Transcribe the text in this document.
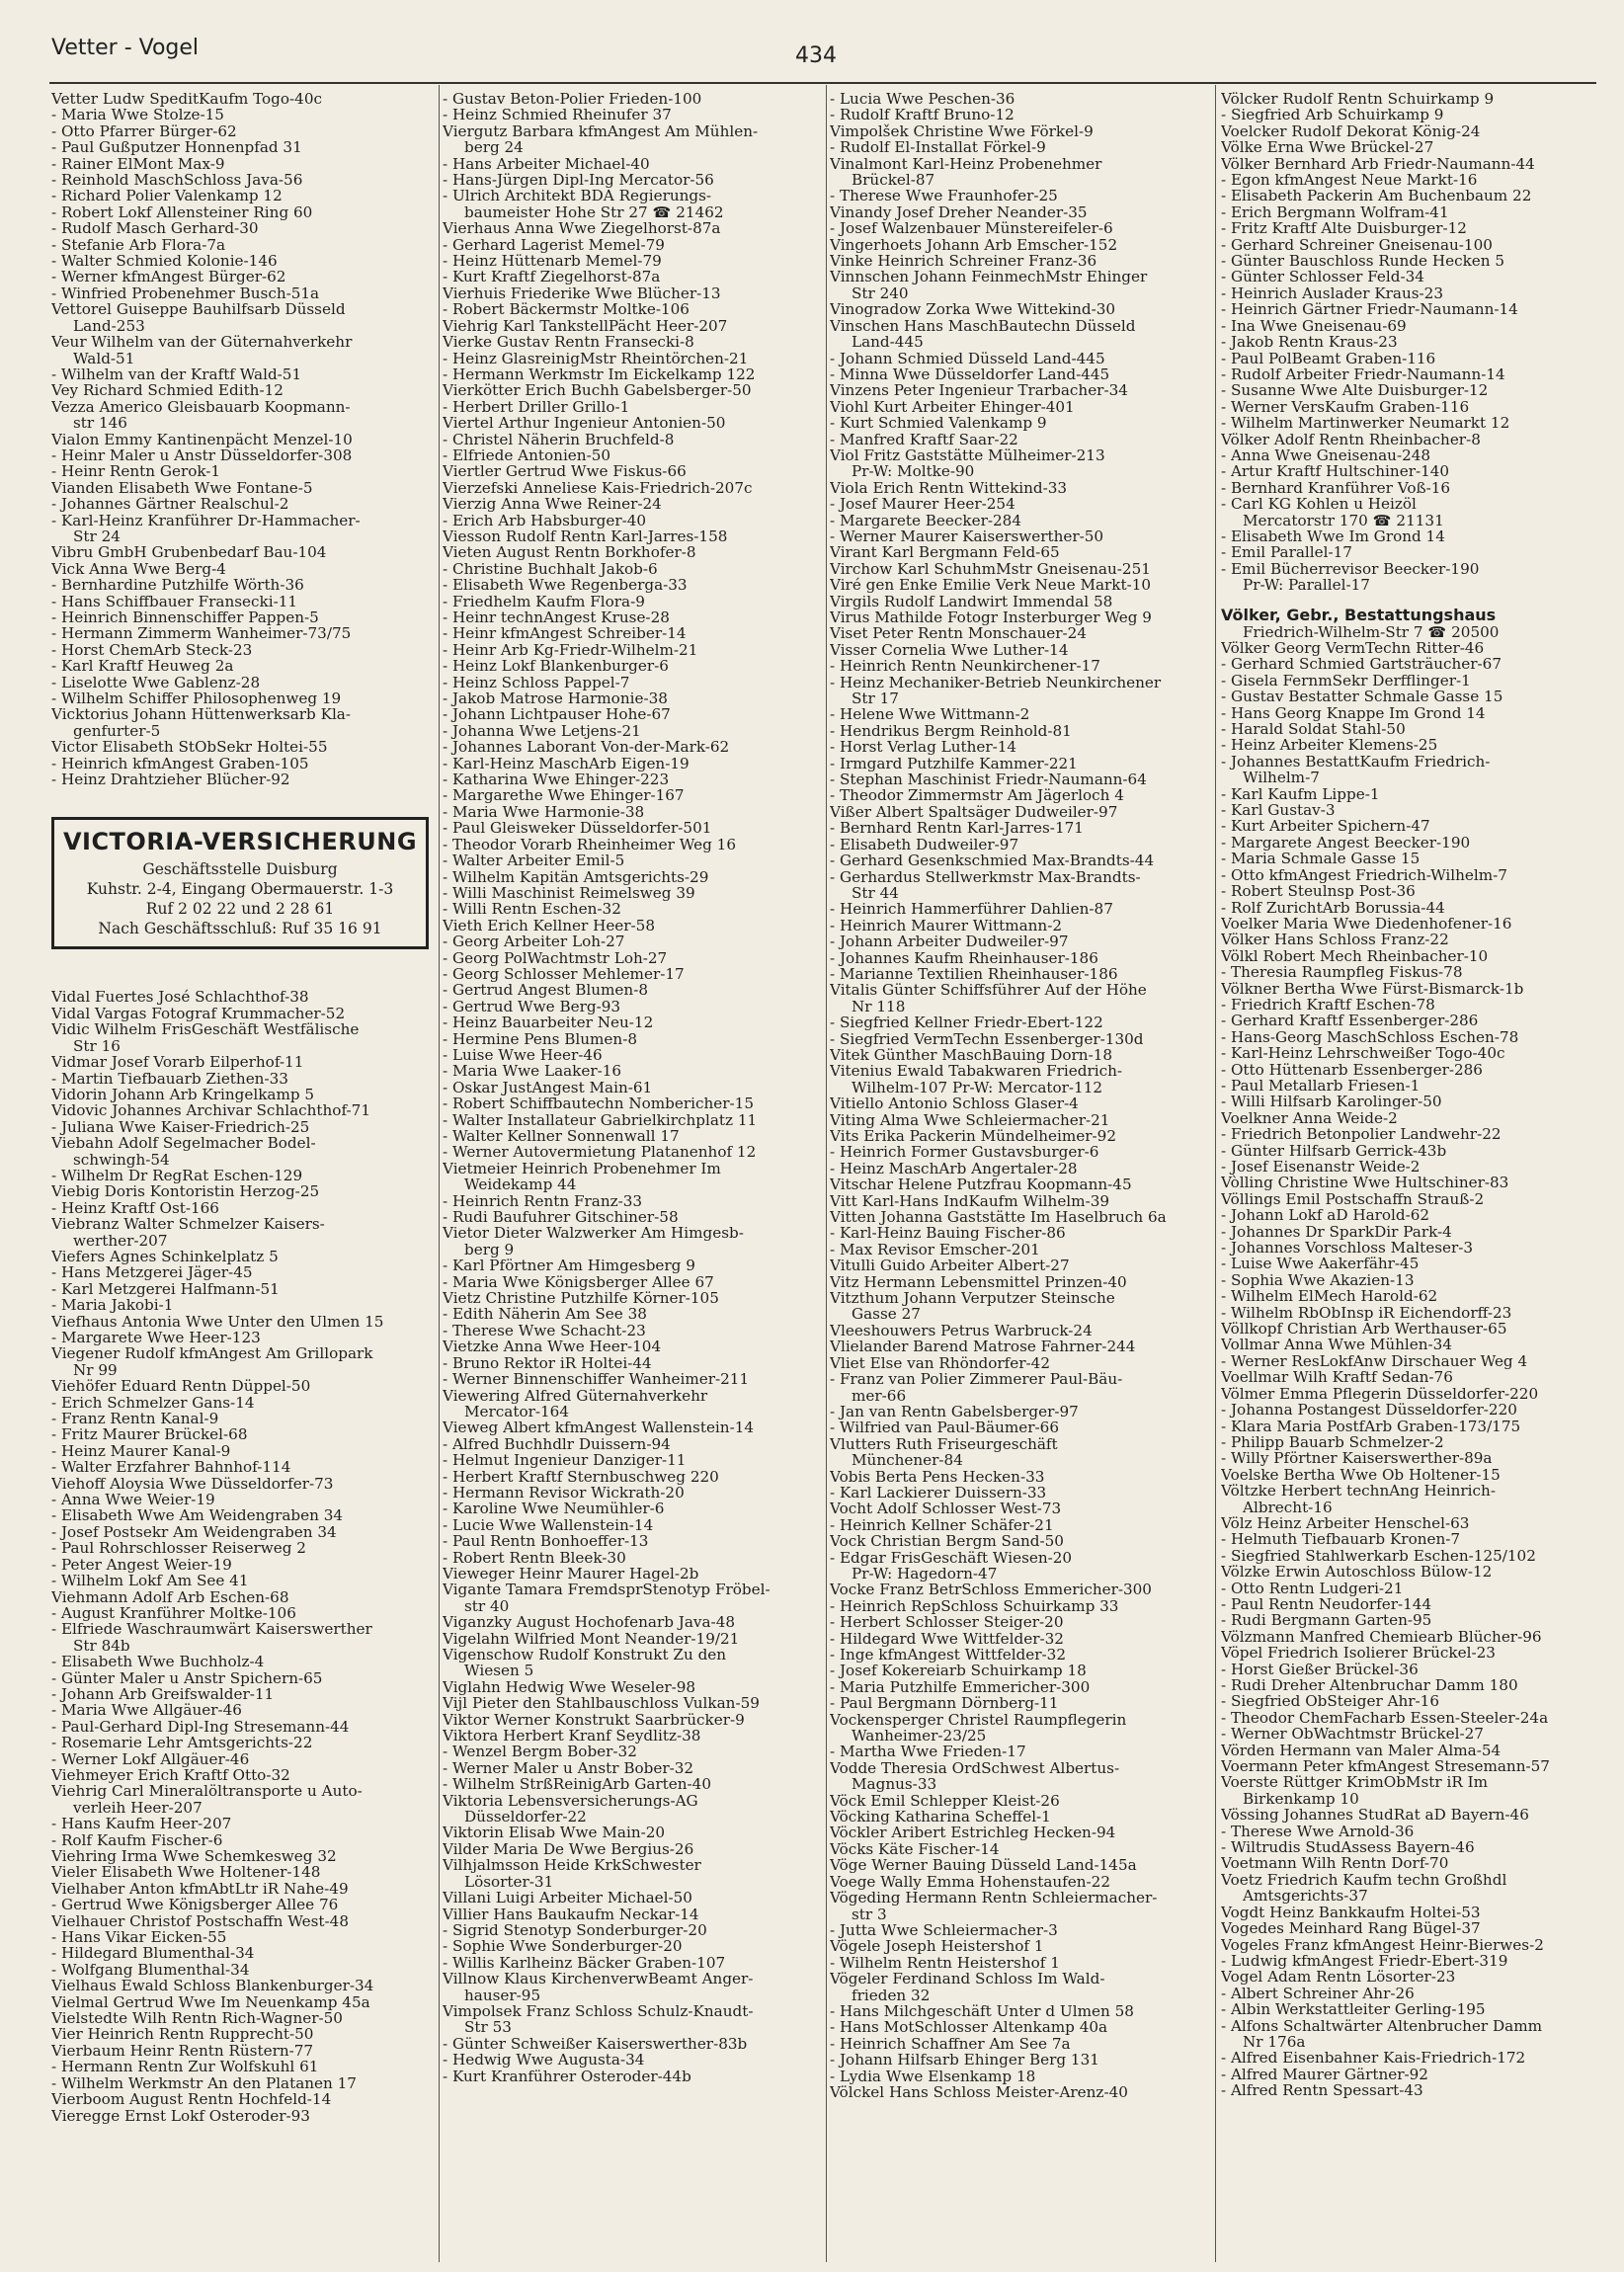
Vetter - Vogel	434
Vetter Ludw SpeditKaufm Togo-40c
- Maria Wwe Stolze-15
- Otto Pfarrer Bürger-62
- Paul Gußputzer Honnenpfad 31
- Rainer ElMont Max-9
- Reinhold MaschSchloss Java-56
- Richard Polier Valenkamp 12
- Robert Lokf Allensteiner Ring 60
- Rudolf Masch Gerhard-30
- Stefanie Arb Flora-7a
- Walter Schmied Kolonie-146
- Werner kfmAngest Bürger-62
- Winfried Probenehmer Busch-51a
Vettorel Guiseppe Bauhilfsarb Düsseld
Land-253
Veur Wilhelm van der Güternahverkehr
Wald-51
- Wilhelm van der Kraftf Wald-51
Vey Richard Schmied Edith-12
Vezza Americo Gleisbauarb Koopmann-
str 146
Vialon Emmy Kantinenpächt Menzel-10
- Heinr Maler u Anstr Düsseldorfer-308
- Heinr Rentn Gerok-1
Vianden Elisabeth Wwe Fontane-5
- Johannes Gärtner Realschul-2
- Karl-Heinz Kranführer Dr-Hammacher-
Str 24
Vibru GmbH Grubenbedarf Bau-104
Vick Anna Wwe Berg-4
- Bernhardine Putzhilfe Wörth-36
- Hans Schiffbauer Fransecki-11
- Heinrich Binnenschiffer Pappen-5
- Hermann Zimmerm Wanheimer-73/75
- Horst ChemArb Steck-23
- Karl Kraftf Heuweg 2a
- Liselotte Wwe Gablenz-28
- Wilhelm Schiffer Philosophenweg 19
Vicktorius Johann Hüttenwerksarb Kla-
genfurter-5
Victor Elisabeth StObSekr Holtei-55
- Heinrich kfmAngest Graben-105
- Heinz Drahtzieher Blücher-92
VICTORIA-VERSICHERUNG
Geschäftsstelle Duisburg
Kuhstr. 2-4, Eingang Obermauerstr. 1-3
Ruf 2 02 22 und 2 28 61
Nach Geschäftsschluß: Ruf 35 16 91
Vidal Fuertes José Schlachthof-38
Vidal Vargas Fotograf Krummacher-52
Vidic Wilhelm FrisGeschäft Westfälische
Str 16
Vidmar Josef Vorarb Eilperhof-11
- Martin Tiefbauarb Ziethen-33
Vidorin Johann Arb Kringelkamp 5
Vidovic Johannes Archivar Schlachthof-71
- Juliana Wwe Kaiser-Friedrich-25
Viebahn Adolf Segelmacher Bodel-
schwingh-54
- Wilhelm Dr RegRat Eschen-129
Viebig Doris Kontoristin Herzog-25
- Heinz Kraftf Ost-166
Viebranz Walter Schmelzer Kaisers-
werther-207
Viefers Agnes Schinkelplatz 5
- Hans Metzgerei Jäger-45
- Karl Metzgerei Halfmann-51
- Maria Jakobi-1
Viefhaus Antonia Wwe Unter den Ulmen 15
- Margarete Wwe Heer-123
Viegener Rudolf kfmAngest Am Grillopark
Nr 99
Viehöfer Eduard Rentn Düppel-50
- Erich Schmelzer Gans-14
- Franz Rentn Kanal-9
- Fritz Maurer Brückel-68
- Heinz Maurer Kanal-9
- Walter Erzfahrer Bahnhof-114
Viehoff Aloysia Wwe Düsseldorfer-73
- Anna Wwe Weier-19
- Elisabeth Wwe Am Weidengraben 34
- Josef Postsekr Am Weidengraben 34
- Paul Rohrschlosser Reiserweg 2
- Peter Angest Weier-19
- Wilhelm Lokf Am See 41
Viehmann Adolf Arb Eschen-68
- August Kranführer Moltke-106
- Elfriede Waschraumwärt Kaiserswerther
Str 84b
- Elisabeth Wwe Buchholz-4
- Günter Maler u Anstr Spichern-65
- Johann Arb Greifswalder-11
- Maria Wwe Allgäuer-46
- Paul-Gerhard Dipl-Ing Stresemann-44
- Rosemarie Lehr Amtsgerichts-22
- Werner Lokf Allgäuer-46
Viehmeyer Erich Kraftf Otto-32
Viehrig Carl Mineralöltransporte u Auto-
verleih Heer-207
- Hans Kaufm Heer-207
- Rolf Kaufm Fischer-6
Viehring Irma Wwe Schemkesweg 32
Vieler Elisabeth Wwe Holtener-148
Vielhaber Anton kfmAbtLtr iR Nahe-49
- Gertrud Wwe Königsberger Allee 76
Vielhauer Christof Postschaffn West-48
- Hans Vikar Eicken-55
- Hildegard Blumenthal-34
- Wolfgang Blumenthal-34
Vielhaus Ewald Schloss Blankenburger-34
Vielmal Gertrud Wwe Im Neuenkamp 45a
Vielstedte Wilh Rentn Rich-Wagner-50
Vier Heinrich Rentn Rupprecht-50
Vierbaum Heinr Rentn Rüstern-77
- Hermann Rentn Zur Wolfskuhl 61
- Wilhelm Werkmstr An den Platanen 17
Vierboom August Rentn Hochfeld-14
Vieregge Ernst Lokf Osteroder-93
- Gustav Beton-Polier Frieden-100
- Heinz Schmied Rheinufer 37
Viergutz Barbara kfmAngest Am Mühlen-
berg 24
- Hans Arbeiter Michael-40
- Hans-Jürgen Dipl-Ing Mercator-56
- Ulrich Architekt BDA Regierungs-
baumeister Hohe Str 27 ☎ 21462
Vierhaus Anna Wwe Ziegelhorst-87a
- Gerhard Lagerist Memel-79
- Heinz Hüttenarb Memel-79
- Kurt Kraftf Ziegelhorst-87a
Vierhuis Friederike Wwe Blücher-13
- Robert Bäckermstr Moltke-106
Viehrig Karl TankstellPächt Heer-207
Vierke Gustav Rentn Fransecki-8
- Heinz GlasreinigMstr Rheintörchen-21
- Hermann Werkmstr Im Eickelkamp 122
Vierkötter Erich Buchh Gabelsberger-50
- Herbert Driller Grillo-1
Viertel Arthur Ingenieur Antonien-50
- Christel Näherin Bruchfeld-8
- Elfriede Antonien-50
Viertler Gertrud Wwe Fiskus-66
Vierzefski Anneliese Kais-Friedrich-207c
Vierzig Anna Wwe Reiner-24
- Erich Arb Habsburger-40
Viesson Rudolf Rentn Karl-Jarres-158
Vieten August Rentn Borkhofer-8
- Christine Buchhalt Jakob-6
- Elisabeth Wwe Regenberga-33
- Friedhelm Kaufm Flora-9
- Heinr technAngest Kruse-28
- Heinr kfmAngest Schreiber-14
- Heinr Arb Kg-Friedr-Wilhelm-21
- Heinz Lokf Blankenburger-6
- Heinz Schloss Pappel-7
- Jakob Matrose Harmonie-38
- Johann Lichtpauser Hohe-67
- Johanna Wwe Letjens-21
- Johannes Laborant Von-der-Mark-62
- Karl-Heinz MaschArb Eigen-19
- Katharina Wwe Ehinger-223
- Margarethe Wwe Ehinger-167
- Maria Wwe Harmonie-38
- Paul Gleisweker Düsseldorfer-501
- Theodor Vorarb Rheinheimer Weg 16
- Walter Arbeiter Emil-5
- Wilhelm Kapitän Amtsgerichts-29
- Willi Maschinist Reimelsweg 39
- Willi Rentn Eschen-32
Vieth Erich Kellner Heer-58
- Georg Arbeiter Loh-27
- Georg PolWachtmstr Loh-27
- Georg Schlosser Mehlemer-17
- Gertrud Angest Blumen-8
- Gertrud Wwe Berg-93
- Heinz Bauarbeiter Neu-12
- Hermine Pens Blumen-8
- Luise Wwe Heer-46
- Maria Wwe Laaker-16
- Oskar JustAngest Main-61
- Robert Schiffbautechn Nombericher-15
- Walter Installateur Gabrielkirchplatz 11
- Walter Kellner Sonnenwall 17
- Werner Autovermietung Platanenhof 12
Vietmeier Heinrich Probenehmer Im
Weidekamp 44
- Heinrich Rentn Franz-33
- Rudi Baufuhrer Gitschiner-58
Vietor Dieter Walzwerker Am Himgesb-
berg 9
- Karl Pförtner Am Himgesberg 9
- Maria Wwe Königsberger Allee 67
Vietz Christine Putzhilfe Körner-105
- Edith Näherin Am See 38
- Therese Wwe Schacht-23
Vietzke Anna Wwe Heer-104
- Bruno Rektor iR Holtei-44
- Werner Binnenschiffer Wanheimer-211
Viewering Alfred Güternahverkehr
Mercator-164
Vieweg Albert kfmAngest Wallenstein-14
- Alfred Buchhdlr Duissern-94
- Helmut Ingenieur Danziger-11
- Herbert Kraftf Sternbuschweg 220
- Hermann Revisor Wickrath-20
- Karoline Wwe Neumühler-6
- Lucie Wwe Wallenstein-14
- Paul Rentn Bonhoeffer-13
- Robert Rentn Bleek-30
Vieweger Heinr Maurer Hagel-2b
Vigante Tamara FremdsprStenotyp Fröbel-
str 40
Viganzky August Hochofenarb Java-48
Vigelahn Wilfried Mont Neander-19/21
Vigenschow Rudolf Konstrukt Zu den
Wiesen 5
Viglahn Hedwig Wwe Weseler-98
Vijl Pieter den Stahlbauschloss Vulkan-59
Viktor Werner Konstrukt Saarbrücker-9
Viktora Herbert Kranf Seydlitz-38
- Wenzel Bergm Bober-32
- Werner Maler u Anstr Bober-32
- Wilhelm StrßReinigArb Garten-40
Viktoria Lebensversicherungs-AG
Düsseldorfer-22
Viktorin Elisab Wwe Main-20
Vilder Maria De Wwe Bergius-26
Vilhjalmsson Heide KrkSchwester
Lösorter-31
Villani Luigi Arbeiter Michael-50
Villier Hans Baukaufm Neckar-14
- Sigrid Stenotyp Sonderburger-20
- Sophie Wwe Sonderburger-20
- Willis Karlheinz Bäcker Graben-107
Villnow Klaus KirchenverwBeamt Anger-
hauser-95
Vimpolsek Franz Schloss Schulz-Knaudt-
Str 53
- Günter Schweißer Kaiserswerther-83b
- Hedwig Wwe Augusta-34
- Kurt Kranführer Osteroder-44b
- Lucia Wwe Peschen-36
- Rudolf Kraftf Bruno-12
Vimpolšek Christine Wwe Förkel-9
- Rudolf El-Installat Förkel-9
Vinalmont Karl-Heinz Probenehmer
Brückel-87
- Therese Wwe Fraunhofer-25
Vinandy Josef Dreher Neander-35
- Josef Walzenbauer Münstereifeler-6
Vingerhoets Johann Arb Emscher-152
Vinke Heinrich Schreiner Franz-36
Vinnschen Johann FeinmechMstr Ehinger
Str 240
Vinogradow Zorka Wwe Wittekind-30
Vinschen Hans MaschBautechn Düsseld
Land-445
- Johann Schmied Düsseld Land-445
- Minna Wwe Düsseldorfer Land-445
Vinzens Peter Ingenieur Trarbacher-34
Viohl Kurt Arbeiter Ehinger-401
- Kurt Schmied Valenkamp 9
- Manfred Kraftf Saar-22
Viol Fritz Gaststätte Mülheimer-213
Pr-W: Moltke-90
Viola Erich Rentn Wittekind-33
- Josef Maurer Heer-254
- Margarete Beecker-284
- Werner Maurer Kaiserswerther-50
Virant Karl Bergmann Feld-65
Virchow Karl SchuhmMstr Gneisenau-251
Viré gen Enke Emilie Verk Neue Markt-10
Virgils Rudolf Landwirt Immendal 58
Virus Mathilde Fotogr Insterburger Weg 9
Viset Peter Rentn Monschauer-24
Visser Cornelia Wwe Luther-14
- Heinrich Rentn Neunkirchener-17
- Heinz Mechaniker-Betrieb Neunkirchener
Str 17
- Helene Wwe Wittmann-2
- Hendrikus Bergm Reinhold-81
- Horst Verlag Luther-14
- Irmgard Putzhilfe Kammer-221
- Stephan Maschinist Friedr-Naumann-64
- Theodor Zimmermstr Am Jägerloch 4
Vißer Albert Spaltsäger Dudweiler-97
- Bernhard Rentn Karl-Jarres-171
- Elisabeth Dudweiler-97
- Gerhard Gesenkschmied Max-Brandts-44
- Gerhardus Stellwerkmstr Max-Brandts-
Str 44
- Heinrich Hammerführer Dahlien-87
- Heinrich Maurer Wittmann-2
- Johann Arbeiter Dudweiler-97
- Johannes Kaufm Rheinhauser-186
- Marianne Textilien Rheinhauser-186
Vitalis Günter Schiffsführer Auf der Höhe
Nr 118
- Siegfried Kellner Friedr-Ebert-122
- Siegfried VermTechn Essenberger-130d
Vitek Günther MaschBauing Dorn-18
Vitenius Ewald Tabakwaren Friedrich-
Wilhelm-107 Pr-W: Mercator-112
Vitiello Antonio Schloss Glaser-4
Viting Alma Wwe Schleiermacher-21
Vits Erika Packerin Mündelheimer-92
- Heinrich Former Gustavsburger-6
- Heinz MaschArb Angertaler-28
Vitschar Helene Putzfrau Koopmann-45
Vitt Karl-Hans IndKaufm Wilhelm-39
Vitten Johanna Gaststätte Im Haselbruch 6a
- Karl-Heinz Bauing Fischer-86
- Max Revisor Emscher-201
Vitulli Guido Arbeiter Albert-27
Vitz Hermann Lebensmittel Prinzen-40
Vitzthum Johann Verputzer Steinsche
Gasse 27
Vleeshouwers Petrus Warbruck-24
Vlielander Barend Matrose Fahrner-244
Vliet Else van Rhöndorfer-42
- Franz van Polier Zimmerer Paul-Bäu-
mer-66
- Jan van Rentn Gabelsberger-97
- Wilfried van Paul-Bäumer-66
Vlutters Ruth Friseurgeschäft
Münchener-84
Vobis Berta Pens Hecken-33
- Karl Lackierer Duissern-33
Vocht Adolf Schlosser West-73
- Heinrich Kellner Schäfer-21
Vock Christian Bergm Sand-50
- Edgar FrisGeschäft Wiesen-20
Pr-W: Hagedorn-47
Vocke Franz BetrSchloss Emmericher-300
- Heinrich RepSchloss Schuirkamp 33
- Herbert Schlosser Steiger-20
- Hildegard Wwe Wittfelder-32
- Inge kfmAngest Wittfelder-32
- Josef Kokereiarb Schuirkamp 18
- Maria Putzhilfe Emmericher-300
- Paul Bergmann Dörnberg-11
Vockensperger Christel Raumpflegerin
Wanheimer-23/25
- Martha Wwe Frieden-17
Vodde Theresia OrdSchwest Albertus-
Magnus-33
Vöck Emil Schlepper Kleist-26
Vöcking Katharina Scheffel-1
Vöckler Aribert Estrichleg Hecken-94
Vöcks Käte Fischer-14
Vöge Werner Bauing Düsseld Land-145a
Voege Wally Emma Hohenstaufen-22
Vögeding Hermann Rentn Schleiermacher-
str 3
- Jutta Wwe Schleiermacher-3
Vögele Joseph Heistershof 1
- Wilhelm Rentn Heistershof 1
Vögeler Ferdinand Schloss Im Wald-
frieden 32
- Hans Milchgeschäft Unter d Ulmen 58
- Hans MotSchlosser Altenkamp 40a
- Heinrich Schaffner Am See 7a
- Johann Hilfsarb Ehinger Berg 131
- Lydia Wwe Elsenkamp 18
Völckel Hans Schloss Meister-Arenz-40
Völcker Rudolf Rentn Schuirkamp 9
- Siegfried Arb Schuirkamp 9
Voelcker Rudolf Dekorat König-24
Völke Erna Wwe Brückel-27
Völker Bernhard Arb Friedr-Naumann-44
- Egon kfmAngest Neue Markt-16
- Elisabeth Packerin Am Buchenbaum 22
- Erich Bergmann Wolfram-41
- Fritz Kraftf Alte Duisburger-12
- Gerhard Schreiner Gneisenau-100
- Günter Bauschloss Runde Hecken 5
- Günter Schlosser Feld-34
- Heinrich Auslader Kraus-23
- Heinrich Gärtner Friedr-Naumann-14
- Ina Wwe Gneisenau-69
- Jakob Rentn Kraus-23
- Paul PolBeamt Graben-116
- Rudolf Arbeiter Friedr-Naumann-14
- Susanne Wwe Alte Duisburger-12
- Werner VersKaufm Graben-116
- Wilhelm Martinwerker Neumarkt 12
Völker Adolf Rentn Rheinbacher-8
- Anna Wwe Gneisenau-248
- Artur Kraftf Hultschiner-140
- Bernhard Kranführer Voß-16
- Carl KG Kohlen u Heizöl
Mercatorstr 170 ☎ 21131
- Elisabeth Wwe Im Grond 14
- Emil Parallel-17
- Emil Bücherrevisor Beecker-190
Pr-W: Parallel-17
Völker, Gebr., Bestattungshaus
Friedrich-Wilhelm-Str 7 ☎ 20500
Völker Georg VermTechn Ritter-46
- Gerhard Schmied Gartsträucher-67
- Gisela FernmSekr Derfflinger-1
- Gustav Bestatter Schmale Gasse 15
- Hans Georg Knappe Im Grond 14
- Harald Soldat Stahl-50
- Heinz Arbeiter Klemens-25
- Johannes BestattKaufm Friedrich-
Wilhelm-7
- Karl Kaufm Lippe-1
- Karl Gustav-3
- Kurt Arbeiter Spichern-47
- Margarete Angest Beecker-190
- Maria Schmale Gasse 15
- Otto kfmAngest Friedrich-Wilhelm-7
- Robert Steulnsp Post-36
- Rolf ZurichtArb Borussia-44
Voelker Maria Wwe Diedenhofener-16
Völker Hans Schloss Franz-22
Völkl Robert Mech Rheinbacher-10
- Theresia Raumpfleg Fiskus-78
Völkner Bertha Wwe Fürst-Bismarck-1b
- Friedrich Kraftf Eschen-78
- Gerhard Kraftf Essenberger-286
- Hans-Georg MaschSchloss Eschen-78
- Karl-Heinz Lehrschweißer Togo-40c
- Otto Hüttenarb Essenberger-286
- Paul Metallarb Friesen-1
- Willi Hilfsarb Karolinger-50
Voelkner Anna Weide-2
- Friedrich Betonpolier Landwehr-22
- Günter Hilfsarb Gerrick-43b
- Josef Eisenanstr Weide-2
Vòlling Christine Wwe Hultschiner-83
Völlings Emil Postschaffn Strauß-2
- Johann Lokf aD Harold-62
- Johannes Dr SparkDir Park-4
- Johannes Vorschloss Malteser-3
- Luise Wwe Aakerfähr-45
- Sophia Wwe Akazien-13
- Wilhelm ElMech Harold-62
- Wilhelm RbObInsp iR Eichendorff-23
Völlkopf Christian Arb Werthauser-65
Vollmar Anna Wwe Mühlen-34
- Werner ResLokfAnw Dirschauer Weg 4
Voellmar Wilh Kraftf Sedan-76
Völmer Emma Pflegerin Düsseldorfer-220
- Johanna Postangest Düsseldorfer-220
- Klara Maria PostfArb Graben-173/175
- Philipp Bauarb Schmelzer-2
- Willy Pförtner Kaiserswerther-89a
Voelske Bertha Wwe Ob Holtener-15
Völtzke Herbert technAng Heinrich-
Albrecht-16
Völz Heinz Arbeiter Henschel-63
- Helmuth Tiefbauarb Kronen-7
- Siegfried Stahlwerkarb Eschen-125/102
Völzke Erwin Autoschloss Bülow-12
- Otto Rentn Ludgeri-21
- Paul Rentn Neudorfer-144
- Rudi Bergmann Garten-95
Völzmann Manfred Chemiearb Blücher-96
Vöpel Friedrich Isolierer Brückel-23
- Horst Gießer Brückel-36
- Rudi Dreher Altenbruchar Damm 180
- Siegfried ObSteiger Ahr-16
- Theodor ChemFacharb Essen-Steeler-24a
- Werner ObWachtmstr Brückel-27
Vörden Hermann van Maler Alma-54
Voermann Peter kfmAngest Stresemann-57
Voerste Rüttger KrimObMstr iR Im
Birkenkamp 10
Vössing Johannes StudRat aD Bayern-46
- Therese Wwe Arnold-36
- Wiltrudis StudAssess Bayern-46
Voetmann Wilh Rentn Dorf-70
Voetz Friedrich Kaufm techn Großhdl
Amtsgerichts-37
Vogdt Heinz Bankkaufm Holtei-53
Vogedes Meinhard Rang Bügel-37
Vogeles Franz kfmAngest Heinr-Bierwes-2
- Ludwig kfmAngest Friedr-Ebert-319
Vogel Adam Rentn Lösorter-23
- Albert Schreiner Ahr-26
- Albin Werkstattleiter Gerling-195
- Alfons Schaltwärter Altenbrucher Damm
Nr 176a
- Alfred Eisenbahner Kais-Friedrich-172
- Alfred Maurer Gärtner-92
- Alfred Rentn Spessart-43
